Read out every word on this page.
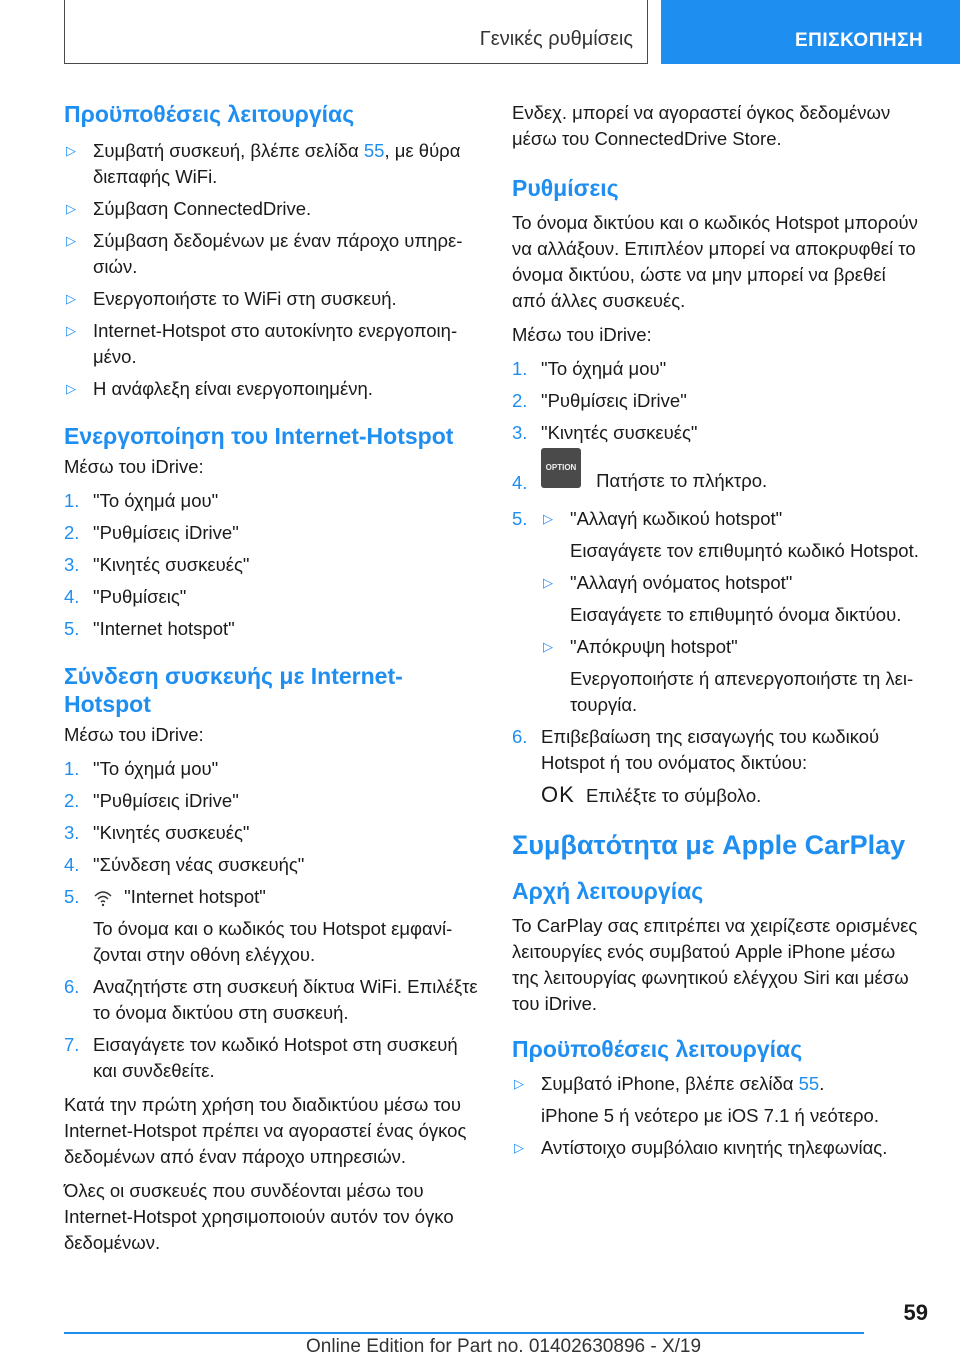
Γενικές ρυθμίσεις	ΕΠΙΣΚΟΠΗΣΗ
Προϋποθέσεις λειτουργίας
▷ Συμβατή συσκευή, βλέπε σελίδα 55, με θύρα διεπαφής WiFi.
▷ Σύμβαση ConnectedDrive.
▷ Σύμβαση δεδομένων με έναν πάροχο υπηρεσιών.
▷ Ενεργοποιήστε το WiFi στη συσκευή.
▷ Internet-Hotspot στο αυτοκίνητο ενεργοποιημένο.
▷ Η ανάφλεξη είναι ενεργοποιημένη.
Ενεργοποίηση του Internet-Hotspot

Μέσω του iDrive:

1. "Το όχημά μου"
2. "Ρυθμίσεις iDrive"
3. "Κινητές συσκευές"
4. "Ρυθμίσεις"
5. "Internet hotspot"
Σύνδεση συσκευής με Internet-Hotspot

Μέσω του iDrive:

1. "Το όχημά μου"
2. "Ρυθμίσεις iDrive"
3. "Κινητές συσκευές"
4. "Σύνδεση νέας συσκευής"
5. "Internet hotspot"

Το όνομα και ο κωδικός του Hotspot εμφανίζονται στην οθόνη ελέγχου.

6. Αναζητήστε στη συσκευή δίκτυα WiFi. Επιλέξτε το όνομα δικτύου στη συσκευή.
7. Εισαγάγετε τον κωδικό Hotspot στη συσκευή και συνδεθείτε.

Κατά την πρώτη χρήση του διαδικτύου μέσω του Internet-Hotspot πρέπει να αγοραστεί ένας όγκος δεδομένων από έναν πάροχο υπηρεσιών.

Όλες οι συσκευές που συνδέονται μέσω του Internet-Hotspot χρησιμοποιούν αυτόν τον όγκο δεδομένων.

Ενδεχ. μπορεί να αγοραστεί όγκος δεδομένων μέσω του ConnectedDrive Store.

Ρυθμίσεις

Το όνομα δικτύου και ο κωδικός Hotspot μπορούν να αλλάξουν. Επιπλέον μπορεί να αποκρυφθεί το όνομα δικτύου, ώστε να μην μπορεί να βρεθεί από άλλες συσκευές.

Μέσω του iDrive:

1. "Το όχημά μου"
2. "Ρυθμίσεις iDrive"
3. "Κινητές συσκευές"
4.
OPTION Πατήστε το πλήκτρο.
5. ▷ "Αλλαγή κωδικού hotspot"

Εισαγάγετε τον επιθυμητό κωδικό Hotspot.

▷ "Αλλαγή ονόματος hotspot"

Εισαγάγετε το επιθυμητό όνομα δικτύου.

▷ "Απόκρυψη hotspot"

Ενεργοποιήστε ή απενεργοποιήστε τη λειτουργία.

6. Επιβεβαίωση της εισαγωγής του κωδικού Hotspot ή του ονόματος δικτύου:

OK Επιλέξτε το σύμβολο.

Συμβατότητα με Apple CarPlay
Αρχή λειτουργίας

Το CarPlay σας επιτρέπει να χειρίζεστε ορισμένες λειτουργίες ενός συμβατού Apple iPhone μέσω της λειτουργίας φωνητικού ελέγχου Siri και μέσω του iDrive.

Προϋποθέσεις λειτουργίας
▷ Συμβατό iPhone, βλέπε σελίδα 55.

iPhone 5 ή νεότερο με iOS 7.1 ή νεότερο.

▷ Αντίστοιχο συμβόλαιο κινητής τηλεφωνίας.
59
Online Edition for Part no. 01402630896 - X/19
